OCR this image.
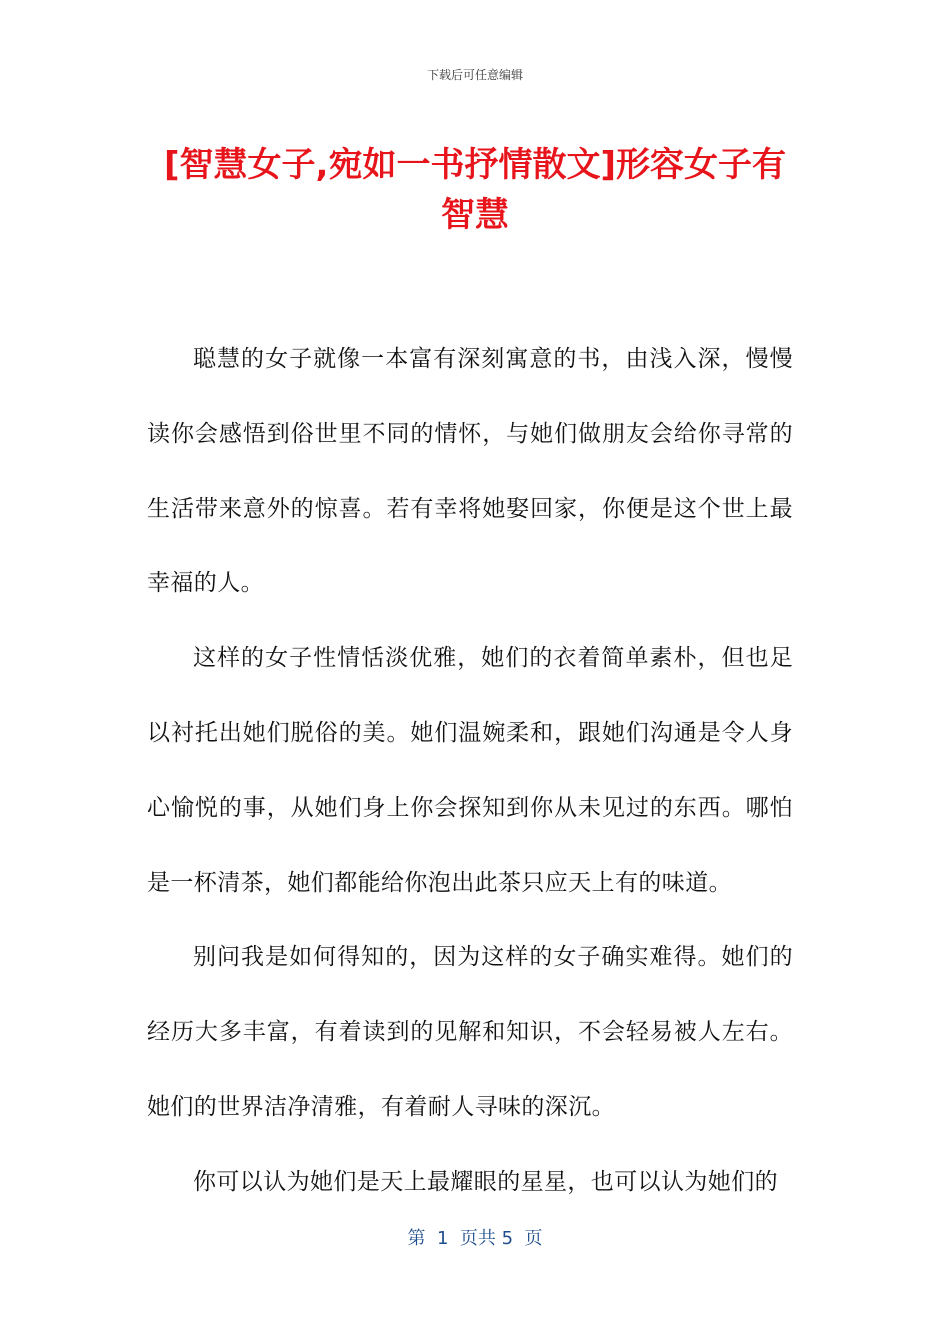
下载后可任意编辑
[智慧女子,宛如一书抒情散文]形容女子有智慧

聪慧的女子就像一本富有深刻寓意的书，由浅入深，慢慢读你会感悟到俗世里不同的情怀，与她们做朋友会给你寻常的生活带来意外的惊喜。若有幸将她娶回家，你便是这个世上最幸福的人。

这样的女子性情恬淡优雅，她们的衣着简单素朴，但也足以衬托出她们脱俗的美。她们温婉柔和，跟她们沟通是令人身心愉悦的事，从她们身上你会探知到你从未见过的东西。哪怕是一杯清茶，她们都能给你泡出此茶只应天上有的味道。

别问我是如何得知的，因为这样的女子确实难得。她们的经历大多丰富，有着读到的见解和知识，不会轻易被人左右。她们的世界洁净清雅，有着耐人寻味的深沉。

你可以认为她们是天上最耀眼的星星，也可以认为她们的

第  1  页共 5  页
